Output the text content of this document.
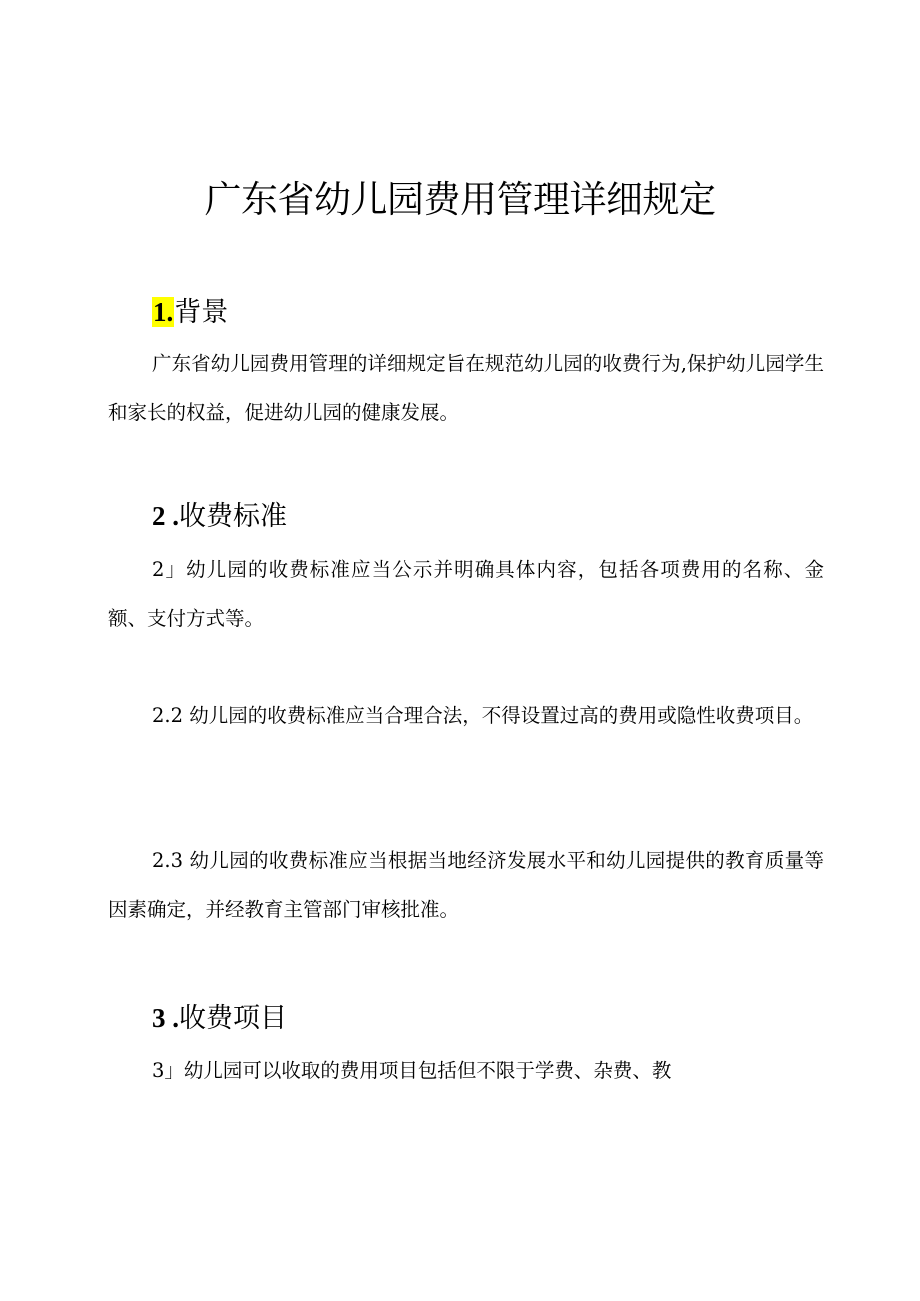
广东省幼儿园费用管理详细规定
1.背景

广东省幼儿园费用管理的详细规定旨在规范幼儿园的收费行为,保护幼儿园学生和家长的权益，促进幼儿园的健康发展。

2 .收费标准

2」幼儿园的收费标准应当公示并明确具体内容，包括各项费用的名称、金额、支付方式等。

2.2 幼儿园的收费标准应当合理合法，不得设置过高的费用或隐性收费项目。

2.3 幼儿园的收费标准应当根据当地经济发展水平和幼儿园提供的教育质量等因素确定，并经教育主管部门审核批准。

3 .收费项目

3」幼儿园可以收取的费用项目包括但不限于学费、杂费、教
